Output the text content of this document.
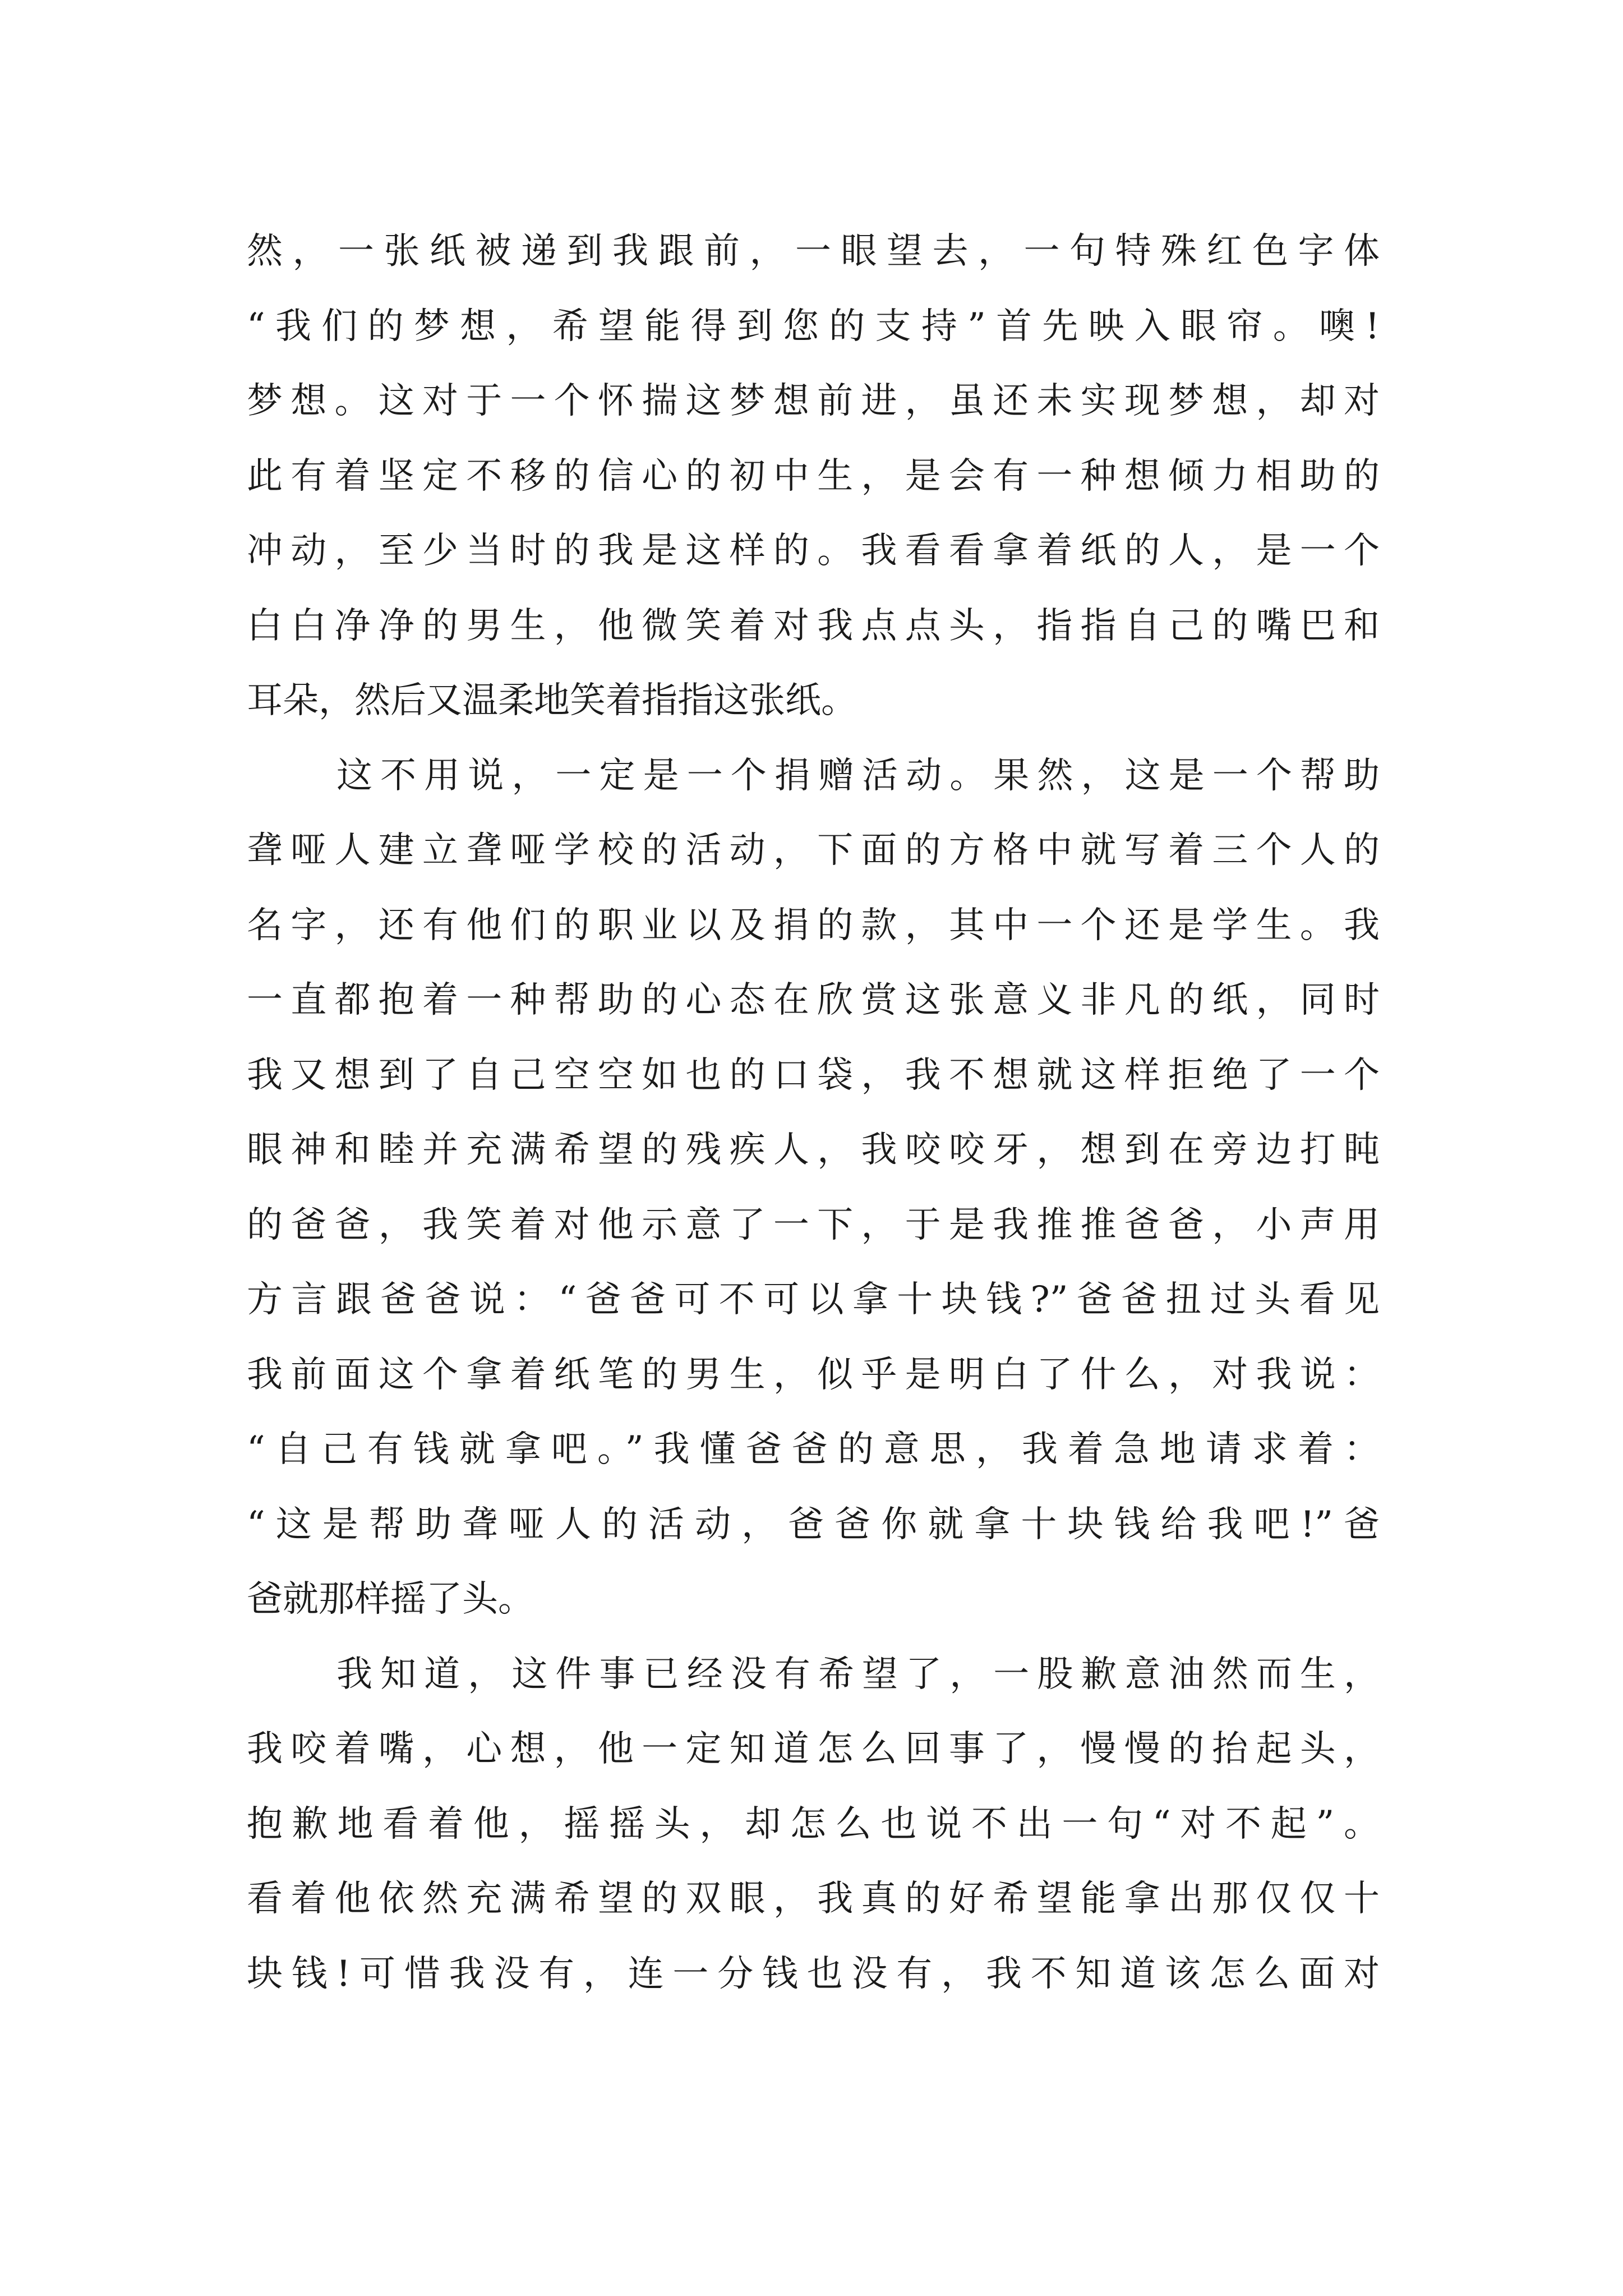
然，一张纸被递到我跟前，一眼望去，一句特殊红色字体
“我们的梦想，希望能得到您的支持”首先映入眼帘。噢!
梦想。这对于一个怀揣这梦想前进，虽还未实现梦想，却对
此有着坚定不移的信心的初中生，是会有一种想倾力相助的
冲动，至少当时的我是这样的。我看看拿着纸的人，是一个
白白净净的男生，他微笑着对我点点头，指指自己的嘴巴和
耳朵，然后又温柔地笑着指指这张纸。
这不用说，一定是一个捐赠活动。果然，这是一个帮助
聋哑人建立聋哑学校的活动，下面的方格中就写着三个人的
名字，还有他们的职业以及捐的款，其中一个还是学生。我
一直都抱着一种帮助的心态在欣赏这张意义非凡的纸，同时
我又想到了自己空空如也的口袋，我不想就这样拒绝了一个
眼神和睦并充满希望的残疾人，我咬咬牙，想到在旁边打盹
的爸爸，我笑着对他示意了一下，于是我推推爸爸，小声用
方言跟爸爸说：“爸爸可不可以拿十块钱?”爸爸扭过头看见
我前面这个拿着纸笔的男生，似乎是明白了什么，对我说：
“自己有钱就拿吧。”我懂爸爸的意思，我着急地请求着：
“这是帮助聋哑人的活动，爸爸你就拿十块钱给我吧!”爸
爸就那样摇了头。
我知道，这件事已经没有希望了，一股歉意油然而生，
我咬着嘴，心想，他一定知道怎么回事了，慢慢的抬起头，
抱歉地看着他，摇摇头，却怎么也说不出一句“对不起”。
看着他依然充满希望的双眼，我真的好希望能拿出那仅仅十
块钱!可惜我没有，连一分钱也没有，我不知道该怎么面对
